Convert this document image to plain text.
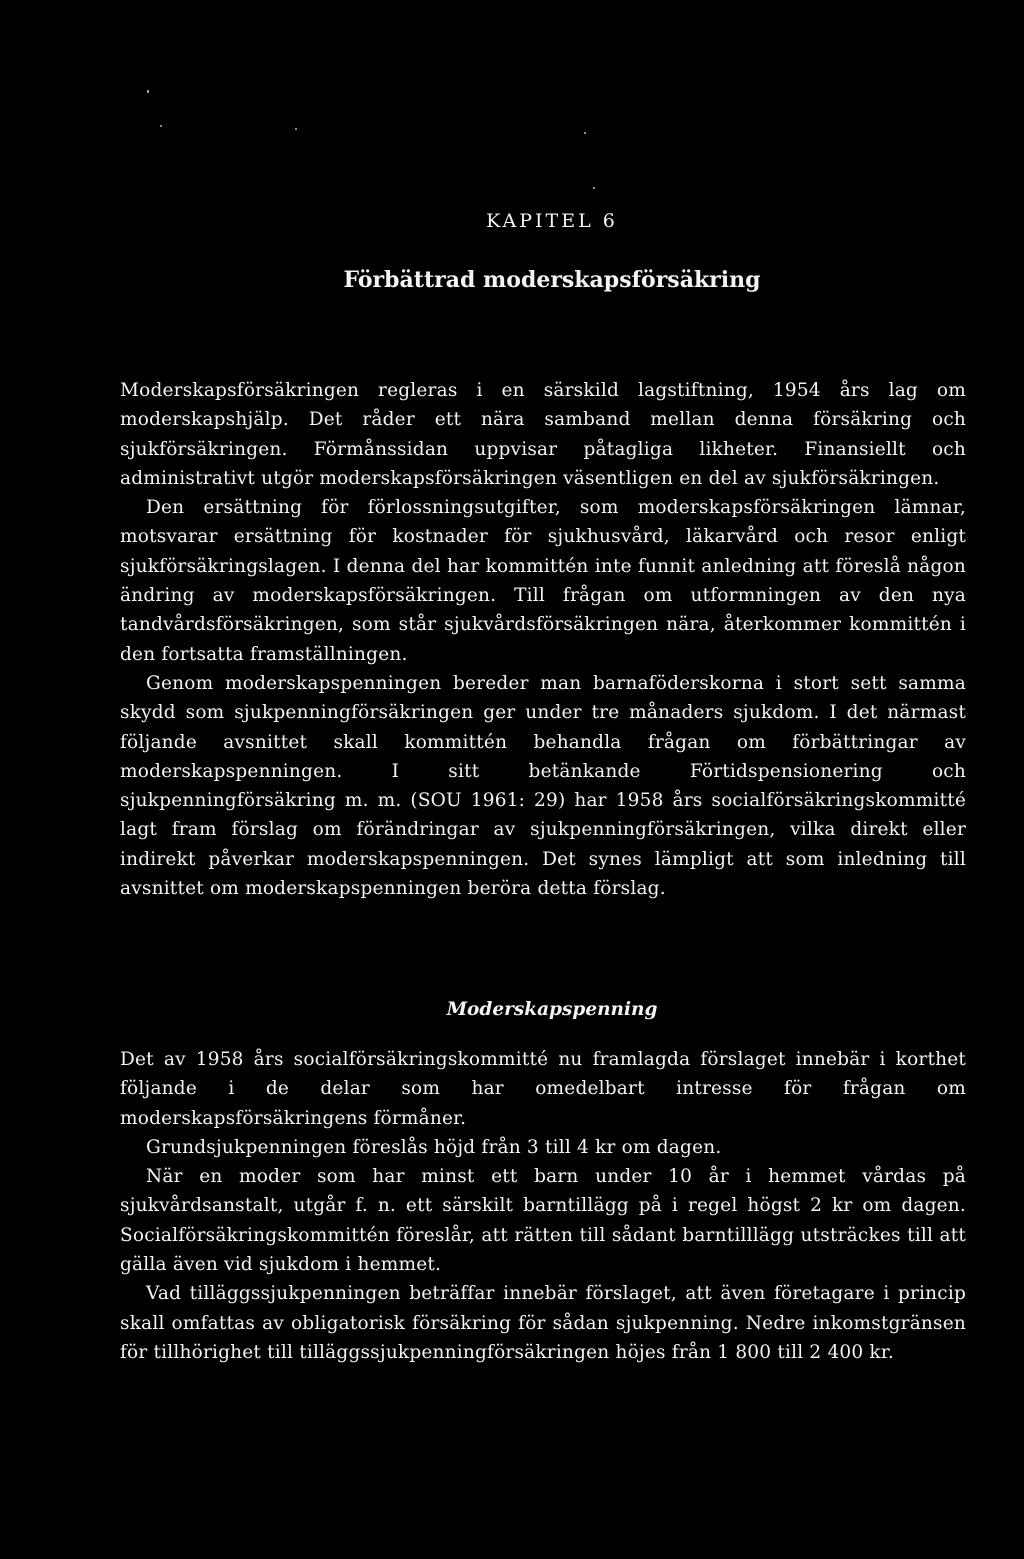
KAPITEL 6
Förbättrad moderskapsförsäkring

Moderskapsförsäkringen regleras i en särskild lagstiftning, 1954 års lag om moderskapshjälp. Det råder ett nära samband mellan denna försäkring och sjukförsäkringen. Förmånssidan uppvisar påtagliga likheter. Finansiellt och administrativt utgör moderskapsförsäkringen väsentligen en del av sjukförsäkringen.

Den ersättning för förlossningsutgifter, som moderskapsförsäkringen lämnar, motsvarar ersättning för kostnader för sjukhusvård, läkarvård och resor enligt sjukförsäkringslagen. I denna del har kommittén inte funnit anledning att föreslå någon ändring av moderskapsförsäkringen. Till frågan om utformningen av den nya tandvårdsförsäkringen, som står sjukvårdsförsäkringen nära, återkommer kommittén i den fortsatta framställningen.

Genom moderskapspenningen bereder man barnaföderskorna i stort sett samma skydd som sjukpenningförsäkringen ger under tre månaders sjukdom. I det närmast följande avsnittet skall kommittén behandla frågan om förbättringar av moderskapspenningen. I sitt betänkande Förtidspensionering och sjukpenningförsäkring m. m. (SOU 1961: 29) har 1958 års socialförsäkringskommitté lagt fram förslag om förändringar av sjukpenningförsäkringen, vilka direkt eller indirekt påverkar moderskapspenningen. Det synes lämpligt att som inledning till avsnittet om moderskapspenningen beröra detta förslag.

Moderskapspenning

Det av 1958 års socialförsäkringskommitté nu framlagda förslaget innebär i korthet följande i de delar som har omedelbart intresse för frågan om moderskapsförsäkringens förmåner.

Grundsjukpenningen föreslås höjd från 3 till 4 kr om dagen.

När en moder som har minst ett barn under 10 år i hemmet vårdas på sjukvårdsanstalt, utgår f. n. ett särskilt barntillägg på i regel högst 2 kr om dagen. Socialförsäkringskommittén föreslår, att rätten till sådant barntilllägg utsträckes till att gälla även vid sjukdom i hemmet.

Vad tilläggssjukpenningen beträffar innebär förslaget, att även företagare i princip skall omfattas av obligatorisk försäkring för sådan sjukpenning. Nedre inkomstgränsen för tillhörighet till tilläggssjukpenningförsäkringen höjes från 1 800 till 2 400 kr.
